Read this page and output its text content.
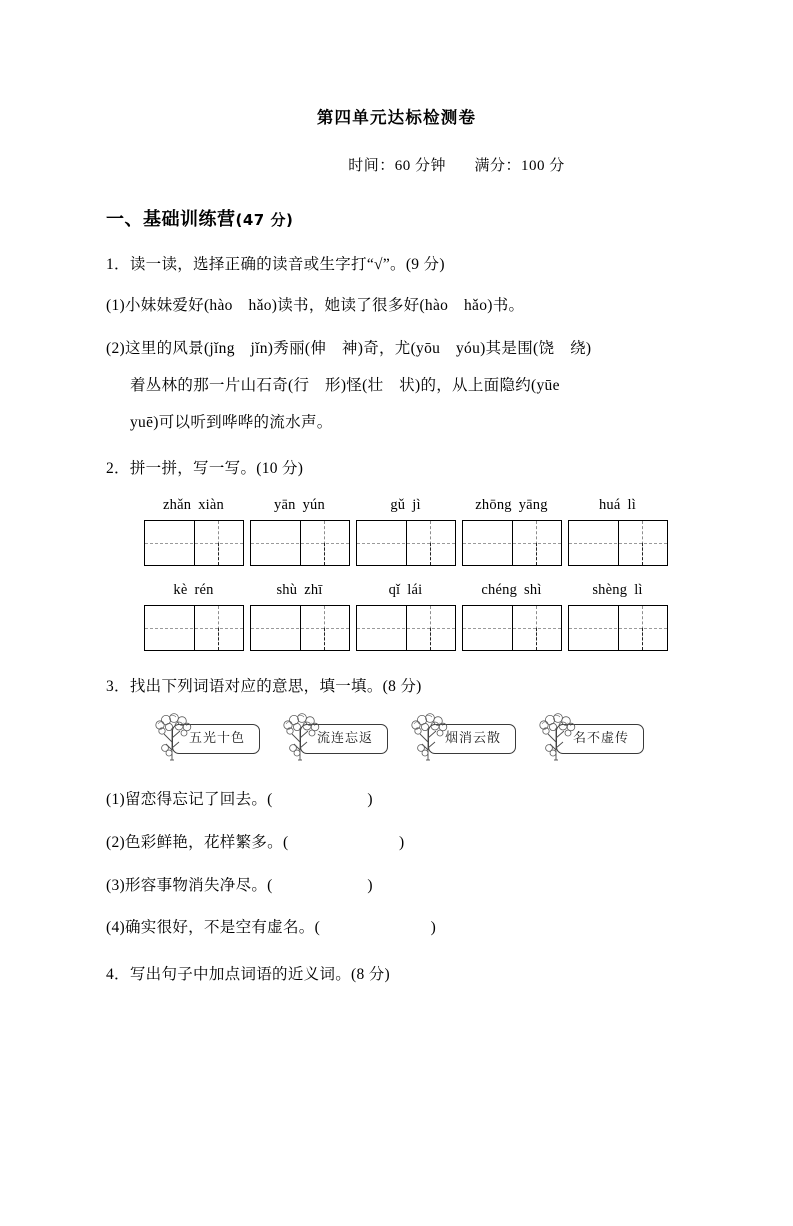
第四单元达标检测卷
时间：60 分钟 满分：100 分
一、基础训练营(47 分)
1．读一读，选择正确的读音或生字打“√”。(9 分)
(1)小妹妹爱好(hào　hǎo)读书，她读了很多好(hào　hǎo)书。
(2)这里的风景(jǐng　jǐn)秀丽(伸　神)奇，尤(yōu　yóu)其是围(饶　绕)
着丛林的那一片山石奇(行　形)怪(壮　状)的，从上面隐约(yūe
yuē)可以听到哗哗的流水声。
2．拼一拼，写一写。(10 分)
zhǎn xiàn	yān yún	gǔ jì	zhōng yāng	huá lì
kè rén	shù zhī	qǐ lái	chéng shì	shèng lì
3．找出下列词语对应的意思，填一填。(8 分)
五光十色	流连忘返	烟消云散	名不虚传
(1)留恋得忘记了回去。(　　　　　　)
(2)色彩鲜艳，花样繁多。(　　　　　　　)
(3)形容事物消失净尽。(　　　　　　)
(4)确实很好，不是空有虚名。(　　　　　　　)
4．写出句子中加点词语的近义词。(8 分)
